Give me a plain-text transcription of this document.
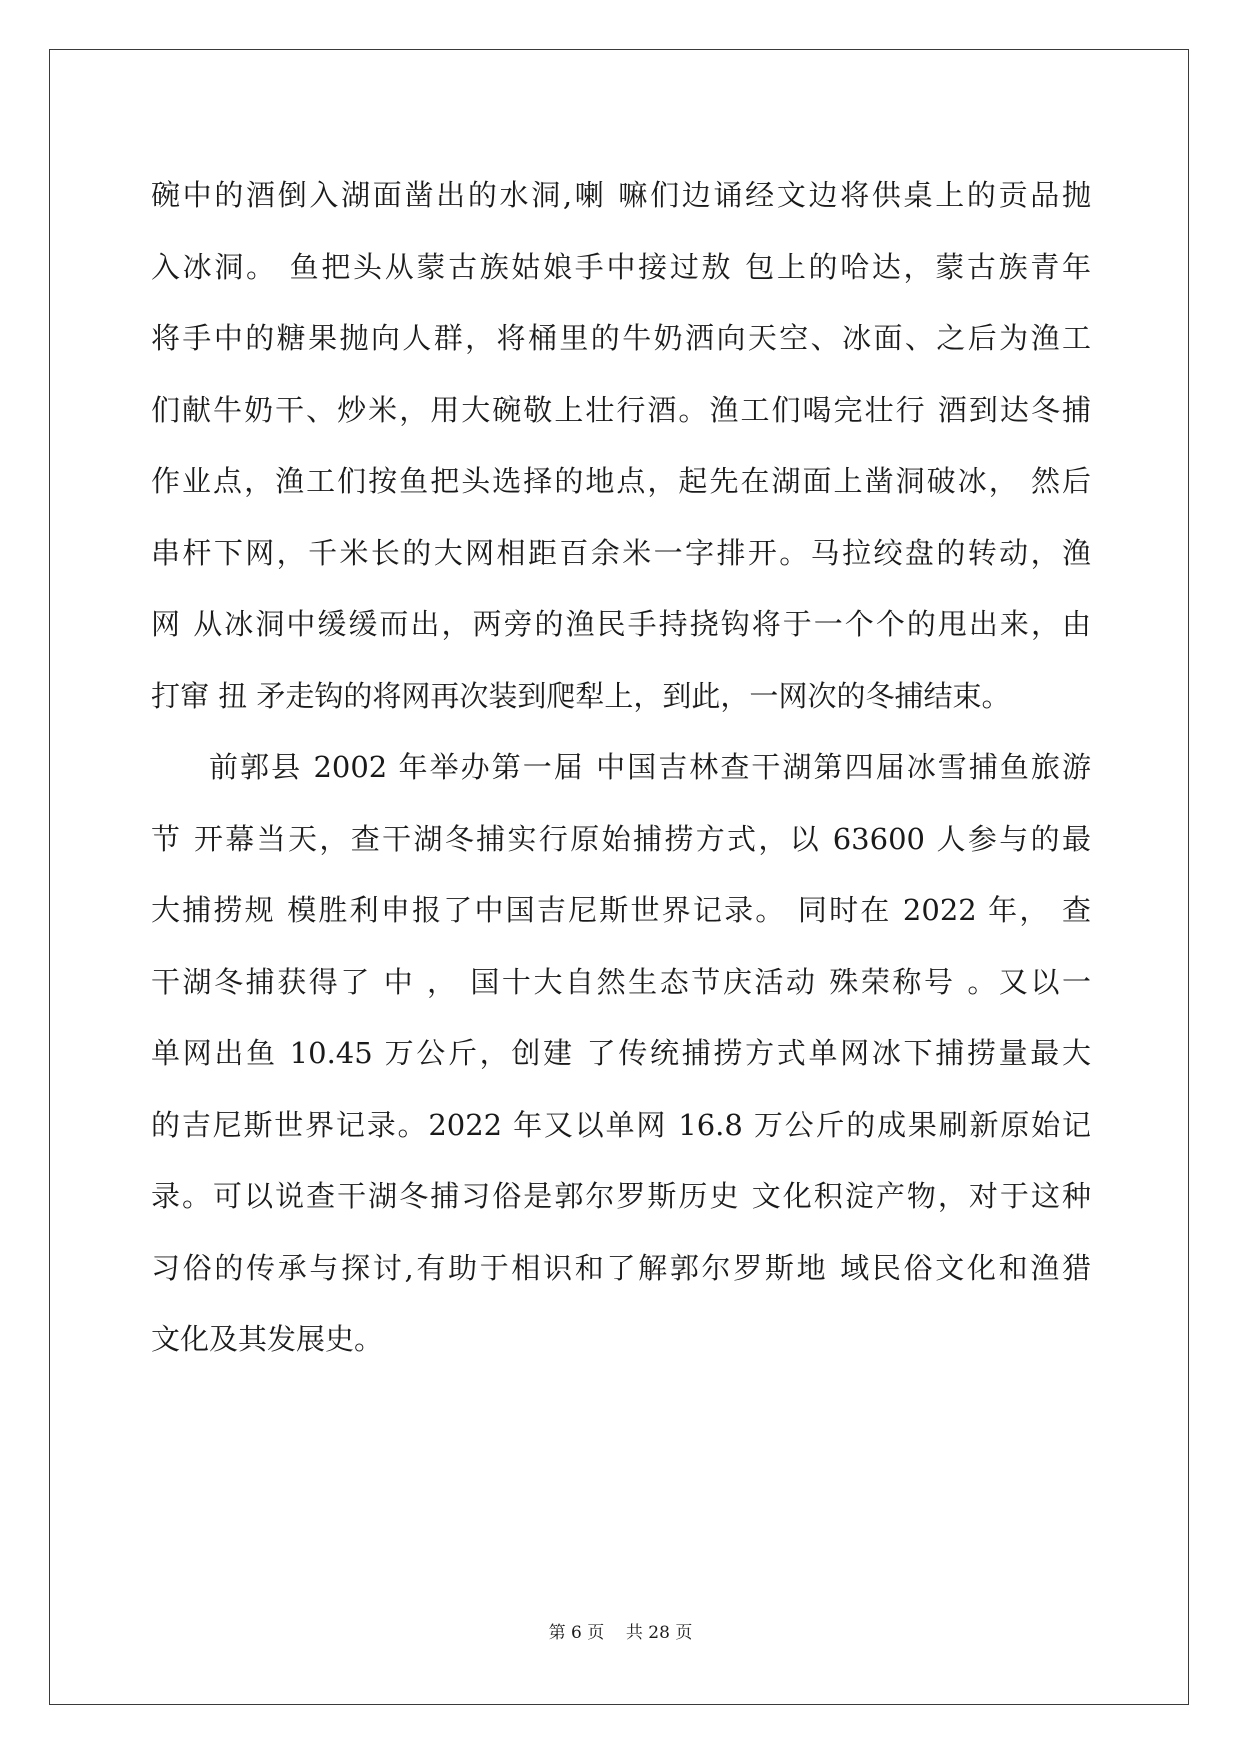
碗中的酒倒入湖面凿出的水洞,喇 嘛们边诵经文边将供桌上的贡品抛
入冰洞。 鱼把头从蒙古族姑娘手中接过敖 包上的哈达，蒙古族青年
将手中的糖果抛向人群，将桶里的牛奶洒向天空、冰面、之后为渔工
们献牛奶干、炒米，用大碗敬上壮行酒。渔工们喝完壮行 酒到达冬捕
作业点，渔工们按鱼把头选择的地点，起先在湖面上凿洞破冰， 然后
串杆下网，千米长的大网相距百余米一字排开。马拉绞盘的转动，渔
网 从冰洞中缓缓而出，两旁的渔民手持挠钩将于一个个的甩出来，由
打窜 扭 矛走钩的将网再次装到爬犁上，到此，一网次的冬捕结束。
前郭县 2002 年举办第一届 中国吉林查干湖第四届冰雪捕鱼旅游
节 开幕当天，查干湖冬捕实行原始捕捞方式，以 63600 人参与的最
大捕捞规 模胜利申报了中国吉尼斯世界记录。 同时在 2022 年， 查
干湖冬捕获得了 中 ， 国十大自然生态节庆活动 殊荣称号 。又以一
单网出鱼 10.45 万公斤，创建 了传统捕捞方式单网冰下捕捞量最大
的吉尼斯世界记录。2022 年又以单网 16.8 万公斤的成果刷新原始记
录。可以说查干湖冬捕习俗是郭尔罗斯历史 文化积淀产物，对于这种
习俗的传承与探讨,有助于相识和了解郭尔罗斯地 域民俗文化和渔猎
文化及其发展史。
第 6 页    共 28 页
